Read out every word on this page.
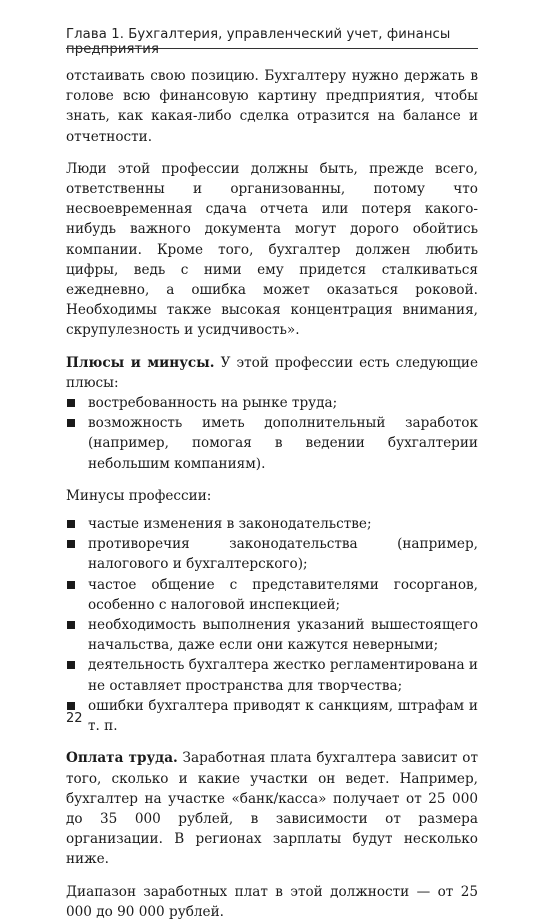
Глава 1. Бухгалтерия, управленческий учет, финансы предприятия

отстаивать свою позицию. Бухгалтеру нужно держать в голове всю финансовую картину предприятия, чтобы знать, как какая-либо сделка отразится на балансе и отчетности.

Люди этой профессии должны быть, прежде всего, ответственны и организованны, потому что несвоевременная сдача отчета или потеря какого-нибудь важного документа могут дорого обойтись компании. Кроме того, бухгалтер должен любить цифры, ведь с ними ему придется сталкиваться ежедневно, а ошибка может оказаться роковой. Необходимы также высокая концентрация внимания, скрупулезность и усидчивость».

Плюсы и минусы. У этой профессии есть следующие плюсы:

востребованность на рынке труда;
возможность иметь дополнительный заработок (например, помогая в ведении бухгалтерии небольшим компаниям).

Минусы профессии:

частые изменения в законодательстве;
противоречия законодательства (например, налогового и бухгалтерского);
частое общение с представителями госорганов, особенно с налоговой инспекцией;
необходимость выполнения указаний вышестоящего начальства, даже если они кажутся неверными;
деятельность бухгалтера жестко регламентирована и не оставляет пространства для творчества;
ошибки бухгалтера приводят к санкциям, штрафам и т. п.

Оплата труда. Заработная плата бухгалтера зависит от того, сколько и какие участки он ведет. Например, бухгалтер на участке «банк/касса» получает от 25 000 до 35 000 рублей, в зависимости от размера организации. В регионах зарплаты будут несколько ниже.

Диапазон заработных плат в этой должности — от 25 000 до 90 000 рублей.

22
